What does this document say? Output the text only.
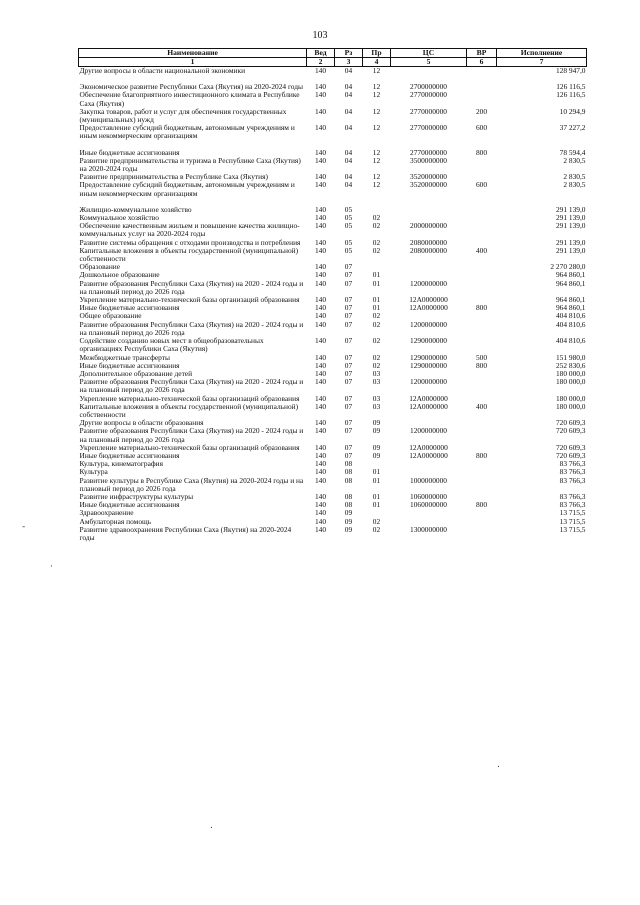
103
Наименование	Вед	Рз	Пр	ЦС	ВР	Исполнение
1	2	3	4	5	6	7
Другие вопросы в области национальной экономики	140	04	12			128 947,0

Экономическое развитие Республики Саха (Якутия) на 2020-2024 годы	140	04	12	2700000000		126 116,5
Обеспечение благоприятного инвестиционного климата в Республике Саха (Якутия)	140	04	12	2770000000		126 116,5
Закупка товаров, работ и услуг для обеспечения государственных (муниципальных) нужд	140	04	12	2770000000	200	10 294,9
Предоставление субсидий бюджетным, автономным учреждениям и иным некоммерческим организациям	140	04	12	2770000000	600	37 227,2

Иные бюджетные ассигнования	140	04	12	2770000000	800	78 594,4
Развитие предпринимательства и туризма в Республике Саха (Якутия) на 2020-2024 годы	140	04	12	3500000000		2 830,5
Развитие предпринимательства в Республике Саха (Якутия)	140	04	12	3520000000		2 830,5
Предоставление субсидий бюджетным, автономным учреждениям и иным некоммерческим организациям	140	04	12	3520000000	600	2 830,5

Жилищно-коммунальное хозяйство	140	05				291 139,0
Коммунальное хозяйство	140	05	02			291 139,0
Обеспечение качественным жильем и повышение качества жилищно-коммунальных услуг на 2020-2024 годы	140	05	02	2000000000		291 139,0
Развитие системы обращения с отходами производства и потребления	140	05	02	2080000000		291 139,0
Капитальные вложения в объекты государственной (муниципальной) собственности	140	05	02	2080000000	400	291 139,0
Образование	140	07				2 270 280,0
Дошкольное образование	140	07	01			964 860,1
Развитие образования Республики Саха (Якутия) на 2020 - 2024 годы и на плановый период до 2026 года	140	07	01	1200000000		964 860,1
Укрепление материально-технической базы организаций образования	140	07	01	12А0000000		964 860,1
Иные бюджетные ассигнования	140	07	01	12А0000000	800	964 860,1
Общее образование	140	07	02			404 810,6
Развитие образования Республики Саха (Якутия) на 2020 - 2024 годы и на плановый период до 2026 года	140	07	02	1200000000		404 810,6
Содействие созданию новых мест в общеобразовательных организациях Республики Саха (Якутия)	140	07	02	1290000000		404 810,6
Межбюджетные трансферты	140	07	02	1290000000	500	151 980,0
Иные бюджетные ассигнования	140	07	02	1290000000	800	252 830,6
Дополнительное образование детей	140	07	03			180 000,0
Развитие образования Республики Саха (Якутия) на 2020 - 2024 годы и на плановый период до 2026 года	140	07	03	1200000000		180 000,0
Укрепление материально-технической базы организаций образования	140	07	03	12А0000000		180 000,0
Капитальные вложения в объекты государственной (муниципальной) собственности	140	07	03	12А0000000	400	180 000,0
Другие вопросы в области образования	140	07	09			720 609,3
Развитие образования Республики Саха (Якутия) на 2020 - 2024 годы и на плановый период до 2026 года	140	07	09	1200000000		720 609,3
Укрепление материально-технической базы организаций образования	140	07	09	12А0000000		720 609,3
Иные бюджетные ассигнования	140	07	09	12А0000000	800	720 609,3
Культура, кинематография	140	08				83 766,3
Культура	140	08	01			83 766,3
Развитие культуры в Республике Саха (Якутия) на 2020-2024 годы и на плановый период до 2026 года	140	08	01	1000000000		83 766,3
Развитие инфраструктуры культуры	140	08	01	1060000000		83 766,3
Иные бюджетные ассигнования	140	08	01	1060000000	800	83 766,3
Здравоохранение	140	09				13 715,5
Амбулаторная помощь	140	09	02			13 715,5
Развитие здравоохранения Республики Саха (Якутия) на 2020-2024 годы	140	09	02	1300000000		13 715,5
·
-
.
.
